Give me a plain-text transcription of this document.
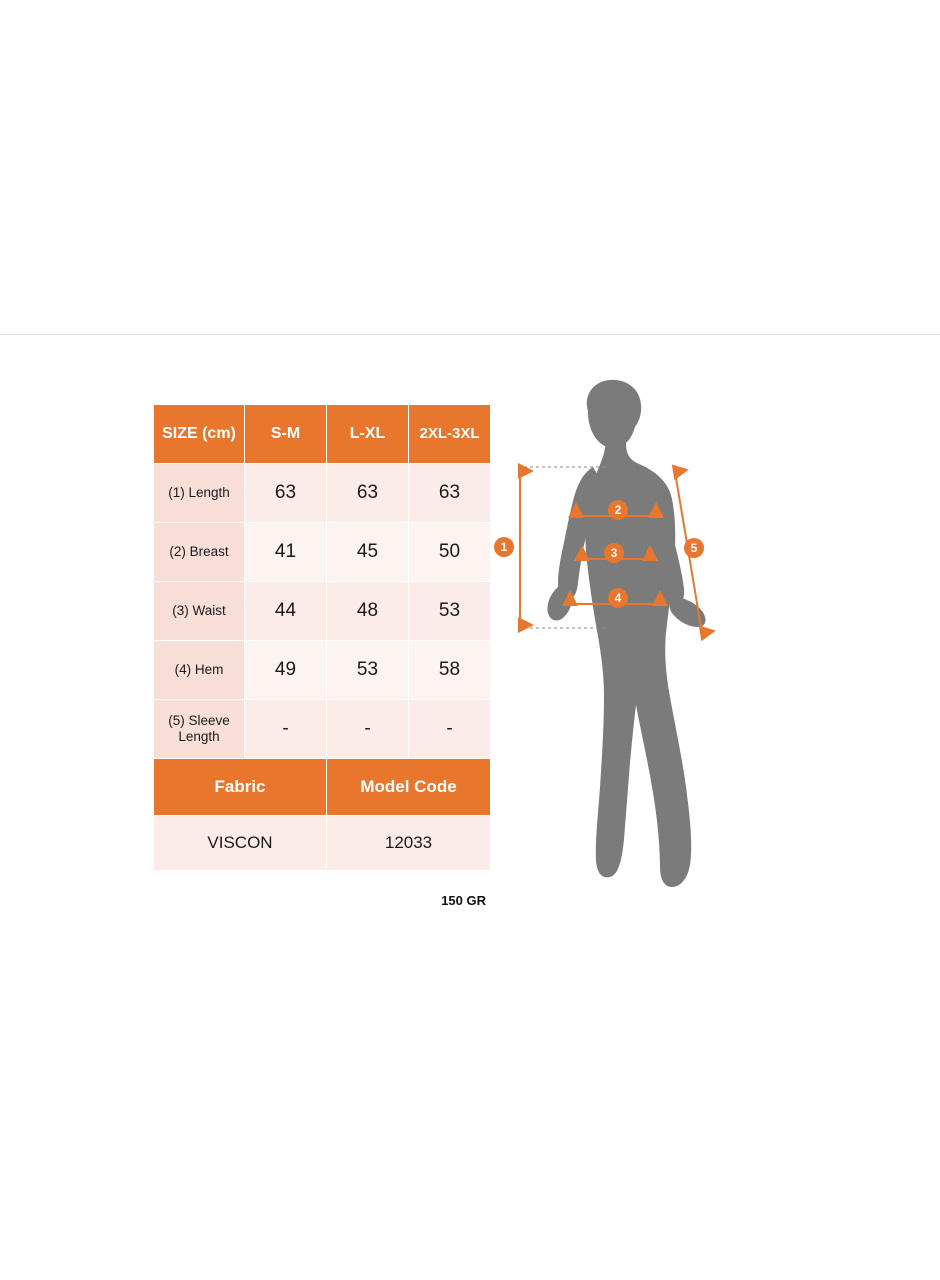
SIZE (cm)	S-M	L-XL	2XL-3XL
(1) Length	63	63	63
(2) Breast	41	45	50
(3) Waist	44	48	53
(4) Hem	49	53	58
(5) Sleeve Length	-	-	-
Fabric		Model Code	
VISCON		12033	
150 GR
1
2
3
4
5
